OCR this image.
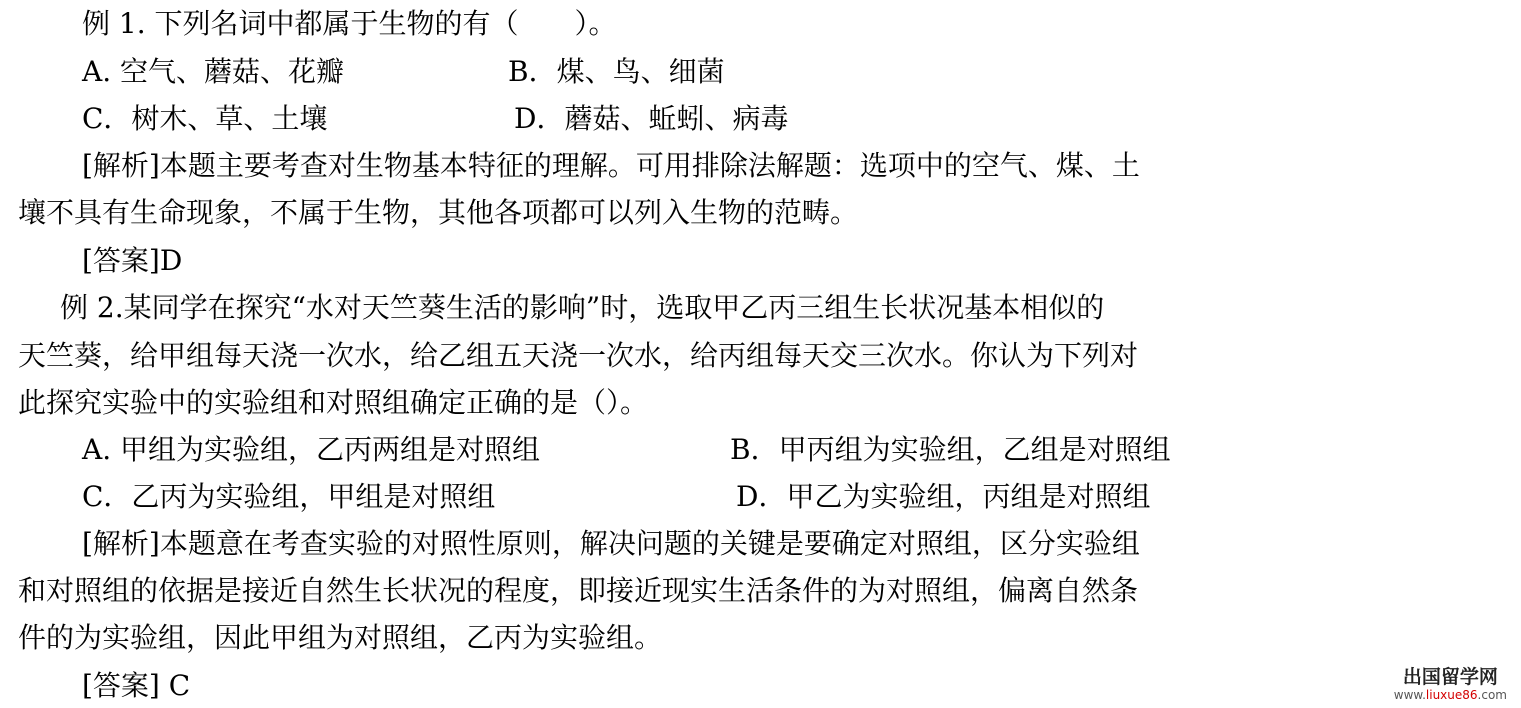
例 1. 下列名词中都属于生物的有（　　）。
A. 空气、蘑菇、花瓣	B．煤、鸟、细菌
C．树木、草、土壤	D．蘑菇、蚯蚓、病毒
[解析]本题主要考查对生物基本特征的理解。可用排除法解题：选项中的空气、煤、土
壤不具有生命现象，不属于生物，其他各项都可以列入生物的范畴。
[答案]D
例 2.某同学在探究“水对天竺葵生活的影响”时，选取甲乙丙三组生长状况基本相似的
天竺葵，给甲组每天浇一次水，给乙组五天浇一次水，给丙组每天交三次水。你认为下列对
此探究实验中的实验组和对照组确定正确的是（）。
A. 甲组为实验组，乙丙两组是对照组	B．甲丙组为实验组，乙组是对照组
C．乙丙为实验组，甲组是对照组	D．甲乙为实验组，丙组是对照组
[解析]本题意在考查实验的对照性原则，解决问题的关键是要确定对照组，区分实验组
和对照组的依据是接近自然生长状况的程度，即接近现实生活条件的为对照组，偏离自然条
件的为实验组，因此甲组为对照组，乙丙为实验组。
[答案] C	出国留学网
www.liuxue86.com
